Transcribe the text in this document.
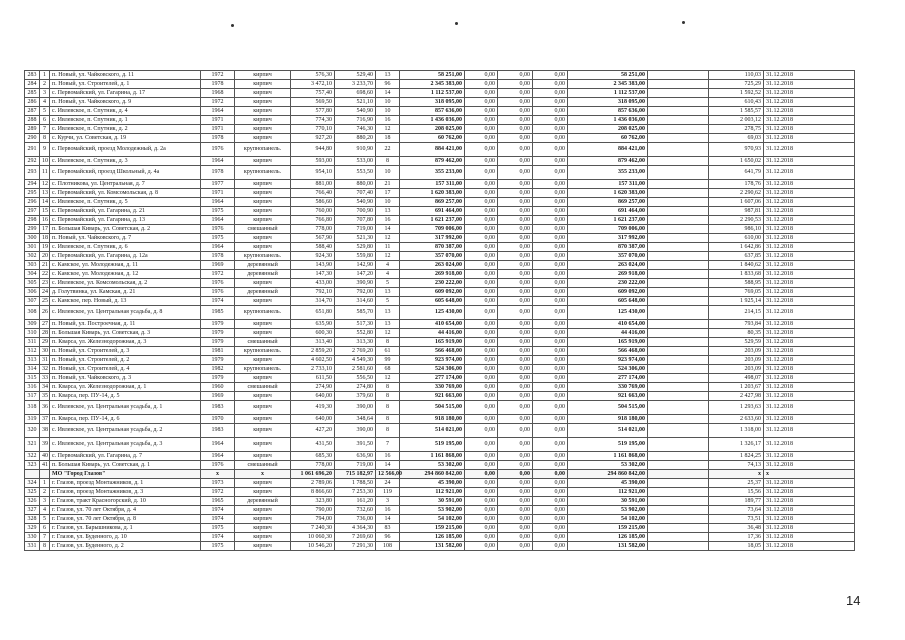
283	1	п. Новый, ул. Чайковского, д. 11	1972	кирпич	576,30	529,40	13	58 251,00	0,00	0,00	0,00	58 251,00		110,03	31.12.2018
284	2	п. Новый, ул. Строителей, д. 1	1978	кирпич	3 472,10	3 233,70	96	2 345 383,00	0,00	0,00	0,00	2 345 383,00		725,29	31.12.2018
285	3	с. Первомайский, ул. Гагарина, д. 17	1968	кирпич	757,40	698,60	14	1 112 537,00	0,00	0,00	0,00	1 112 537,00		1 592,52	31.12.2018
286	4	п. Новый, ул. Чайковского, д. 9	1972	кирпич	569,50	521,10	10	318 095,00	0,00	0,00	0,00	318 095,00		610,43	31.12.2018
287	5	с. Ивлевское, п. Спутник, д. 4	1964	кирпич	577,80	540,90	10	857 636,00	0,00	0,00	0,00	857 636,00		1 585,57	31.12.2018
288	6	с. Ивлевское, п. Спутник, д. 1	1971	кирпич	774,30	716,90	16	1 436 036,00	0,00	0,00	0,00	1 436 036,00		2 003,12	31.12.2018
289	7	с. Ивлевское, п. Спутник, д. 2	1971	кирпич	770,10	746,30	12	208 025,00	0,00	0,00	0,00	208 025,00		278,75	31.12.2018
290	8	с. Курчи, ул. Советская, д. 19	1978	кирпич	927,20	880,20	18	60 762,00	0,00	0,00	0,00	60 762,00		69,03	31.12.2018
291	9	с. Первомайский, проезд Молодежный, д. 2а	1976	крупнопанель.	944,80	910,90	22	884 421,00	0,00	0,00	0,00	884 421,00		970,93	31.12.2018
292	10	с. Ивлевское, п. Спутник, д. 3	1964	кирпич	593,00	533,00	8	879 462,00	0,00	0,00	0,00	879 462,00		1 650,02	31.12.2018
293	11	с. Первомайский, проезд Школьный, д. 4а	1978	крупнопанель.	954,10	553,50	10	355 233,00	0,00	0,00	0,00	355 233,00		641,79	31.12.2018
294	12	с. Плотникова, ул. Центральная, д. 7	1977	кирпич	881,00	880,00	21	157 311,00	0,00	0,00	0,00	157 311,00		178,76	31.12.2018
295	13	с. Первомайский, ул. Комсомольская, д. 8	1971	кирпич	766,40	707,40	17	1 620 383,00	0,00	0,00	0,00	1 620 383,00		2 290,62	31.12.2018
296	14	с. Ивлевское, п. Спутник, д. 5	1964	кирпич	586,60	540,90	10	869 257,00	0,00	0,00	0,00	869 257,00		1 607,06	31.12.2018
297	15	с. Первомайский, ул. Гагарина, д. 21	1975	кирпич	760,00	700,90	13	691 464,00	0,00	0,00	0,00	691 464,00		987,81	31.12.2018
298	16	с. Первомайский, ул. Гагарина, д. 13	1964	кирпич	766,80	707,80	16	1 621 237,00	0,00	0,00	0,00	1 621 237,00		2 290,53	31.12.2018
299	17	п. Большая Киварь, ул. Советская, д. 2	1976	смешанный	778,00	719,00	14	709 006,00	0,00	0,00	0,00	709 006,00		986,10	31.12.2018
300	18	п. Новый, ул. Чайковского, д. 7	1975	кирпич	567,90	521,30	12	317 992,00	0,00	0,00	0,00	317 992,00		610,00	31.12.2018
301	19	с. Ивлевское, п. Спутник, д. 6	1964	кирпич	588,40	529,80	11	870 387,00	0,00	0,00	0,00	870 387,00		1 642,86	31.12.2018
302	20	с. Первомайский, ул. Гагарина, д. 12а	1978	крупнопанель.	924,30	559,80	12	357 070,00	0,00	0,00	0,00	357 070,00		637,85	31.12.2018
303	21	с. Камское, ул. Молодежная, д. 11	1969	деревянный	143,90	142,90	4	263 024,00	0,00	0,00	0,00	263 024,00		1 840,62	31.12.2018
304	22	с. Камское, ул. Молодежная, д. 12	1972	деревянный	147,30	147,20	4	269 918,00	0,00	0,00	0,00	269 918,00		1 833,68	31.12.2018
305	23	с. Ивлевское, ул. Комсомольская, д. 2	1976	кирпич	433,00	390,90	5	230 222,00	0,00	0,00	0,00	230 222,00		588,95	31.12.2018
306	24	д. Голутвинка, ул. Камская, д. 21	1976	деревянный	792,10	792,00	13	609 092,00	0,00	0,00	0,00	609 092,00		769,05	31.12.2018
307	25	с. Камское, пер. Новый, д. 13	1974	кирпич	314,70	314,60	5	605 648,00	0,00	0,00	0,00	605 648,00		1 925,14	31.12.2018
308	26	с. Ивлевское, ул. Центральная усадьба, д. 8	1985	крупнопанель.	651,80	585,70	13	125 430,00	0,00	0,00	0,00	125 430,00		214,15	31.12.2018
309	27	п. Новый, ул. Построечная, д. 11	1979	кирпич	635,90	517,30	13	410 654,00	0,00	0,00	0,00	410 654,00		793,84	31.12.2018
310	28	п. Большая Киварь, ул. Советская, д. 3	1979	кирпич	600,30	552,80	12	44 416,00	0,00	0,00	0,00	44 416,00		80,35	31.12.2018
311	29	п. Кварса, ул. Железнодорожная, д. 3	1979	смешанный	313,40	313,30	8	165 919,00	0,00	0,00	0,00	165 919,00		529,59	31.12.2018
312	30	п. Новый, ул. Строителей, д. 3	1981	крупнопанель.	2 859,20	2 769,20	61	566 468,00	0,00	0,00	0,00	566 468,00		203,09	31.12.2018
313	31	п. Новый, ул. Строителей, д. 2	1979	кирпич	4 602,50	4 549,30	99	923 974,00	0,00	0,00	0,00	923 974,00		203,09	31.12.2018
314	32	п. Новый, ул. Строителей, д. 4	1982	крупнопанель.	2 733,10	2 581,60	68	524 306,00	0,00	0,00	0,00	524 306,00		203,09	31.12.2018
315	33	п. Новый, ул. Чайковского, д. 3	1979	кирпич	611,50	556,50	12	277 174,00	0,00	0,00	0,00	277 174,00		498,07	31.12.2018
316	34	п. Кварса, ул. Железнодорожная, д. 1	1960	смешанный	274,90	274,80	8	330 769,00	0,00	0,00	0,00	330 769,00		1 203,67	31.12.2018
317	35	п. Кварса, пер. ПУ-14, д. 5	1969	кирпич	640,00	379,60	8	921 663,00	0,00	0,00	0,00	921 663,00		2 427,98	31.12.2018
318	36	с. Ивлевское, ул. Центральная усадьба, д. 1	1983	кирпич	419,30	390,00	8	504 515,00	0,00	0,00	0,00	504 515,00		1 293,63	31.12.2018
319	37	п. Кварса, пер. ПУ-14, д. 6	1970	кирпич	640,00	348,64	8	918 180,00	0,00	0,00	0,00	918 180,00		2 633,60	31.12.2018
320	38	с. Ивлевское, ул. Центральная усадьба, д. 2	1983	кирпич	427,20	390,00	8	514 021,00	0,00	0,00	0,00	514 021,00		1 318,00	31.12.2018
321	39	с. Ивлевское, ул. Центральная усадьба, д. 3	1964	кирпич	431,50	391,50	7	519 195,00	0,00	0,00	0,00	519 195,00		1 326,17	31.12.2018
322	40	с. Первомайский, ул. Гагарина, д. 7	1964	кирпич	685,30	636,90	16	1 161 868,00	0,00	0,00	0,00	1 161 868,00		1 824,25	31.12.2018
323	41	п. Большая Киварь, ул. Советская, д. 1	1976	смешанный	778,00	719,00	14	53 302,00	0,00	0,00	0,00	53 302,00		74,13	31.12.2018
		МО "Город Глазов"	х	х	1 061 696,20	715 182,97	12 566,00	294 860 842,00	0,00	0,00	0,00	294 860 842,00		х	х
324	1	г. Глазов, проезд Монтажников, д. 1	1973	кирпич	2 789,06	1 788,50	24	45 390,00	0,00	0,00	0,00	45 390,00		25,37	31.12.2018
325	2	г. Глазов, проезд Монтажников, д. 3	1972	кирпич	8 866,60	7 253,30	119	112 921,00	0,00	0,00	0,00	112 921,00		15,56	31.12.2018
326	3	г. Глазов, тракт Красногорский, д. 10	1965	деревянный	323,80	161,20	3	30 591,00	0,00	0,00	0,00	30 591,00		189,77	31.12.2018
327	4	г. Глазов, ул. 70 лет Октября, д. 4	1974	кирпич	790,00	732,60	16	53 902,00	0,00	0,00	0,00	53 902,00		73,64	31.12.2018
328	5	г. Глазов, ул. 70 лет Октября, д. 8	1974	кирпич	794,00	736,00	14	54 102,00	0,00	0,00	0,00	54 102,00		73,51	31.12.2018
329	6	г. Глазов, ул. Барышникова, д. 1	1975	кирпич	7 240,30	4 364,30	83	159 215,00	0,00	0,00	0,00	159 215,00		36,48	31.12.2018
330	7	г. Глазов, ул. Буденного, д. 10	1974	кирпич	10 060,30	7 269,60	96	126 185,00	0,00	0,00	0,00	126 185,00		17,36	31.12.2018
331	8	г. Глазов, ул. Буденного, д. 2	1975	кирпич	10 546,20	7 291,30	108	131 582,00	0,00	0,00	0,00	131 582,00		18,05	31.12.2018
14
